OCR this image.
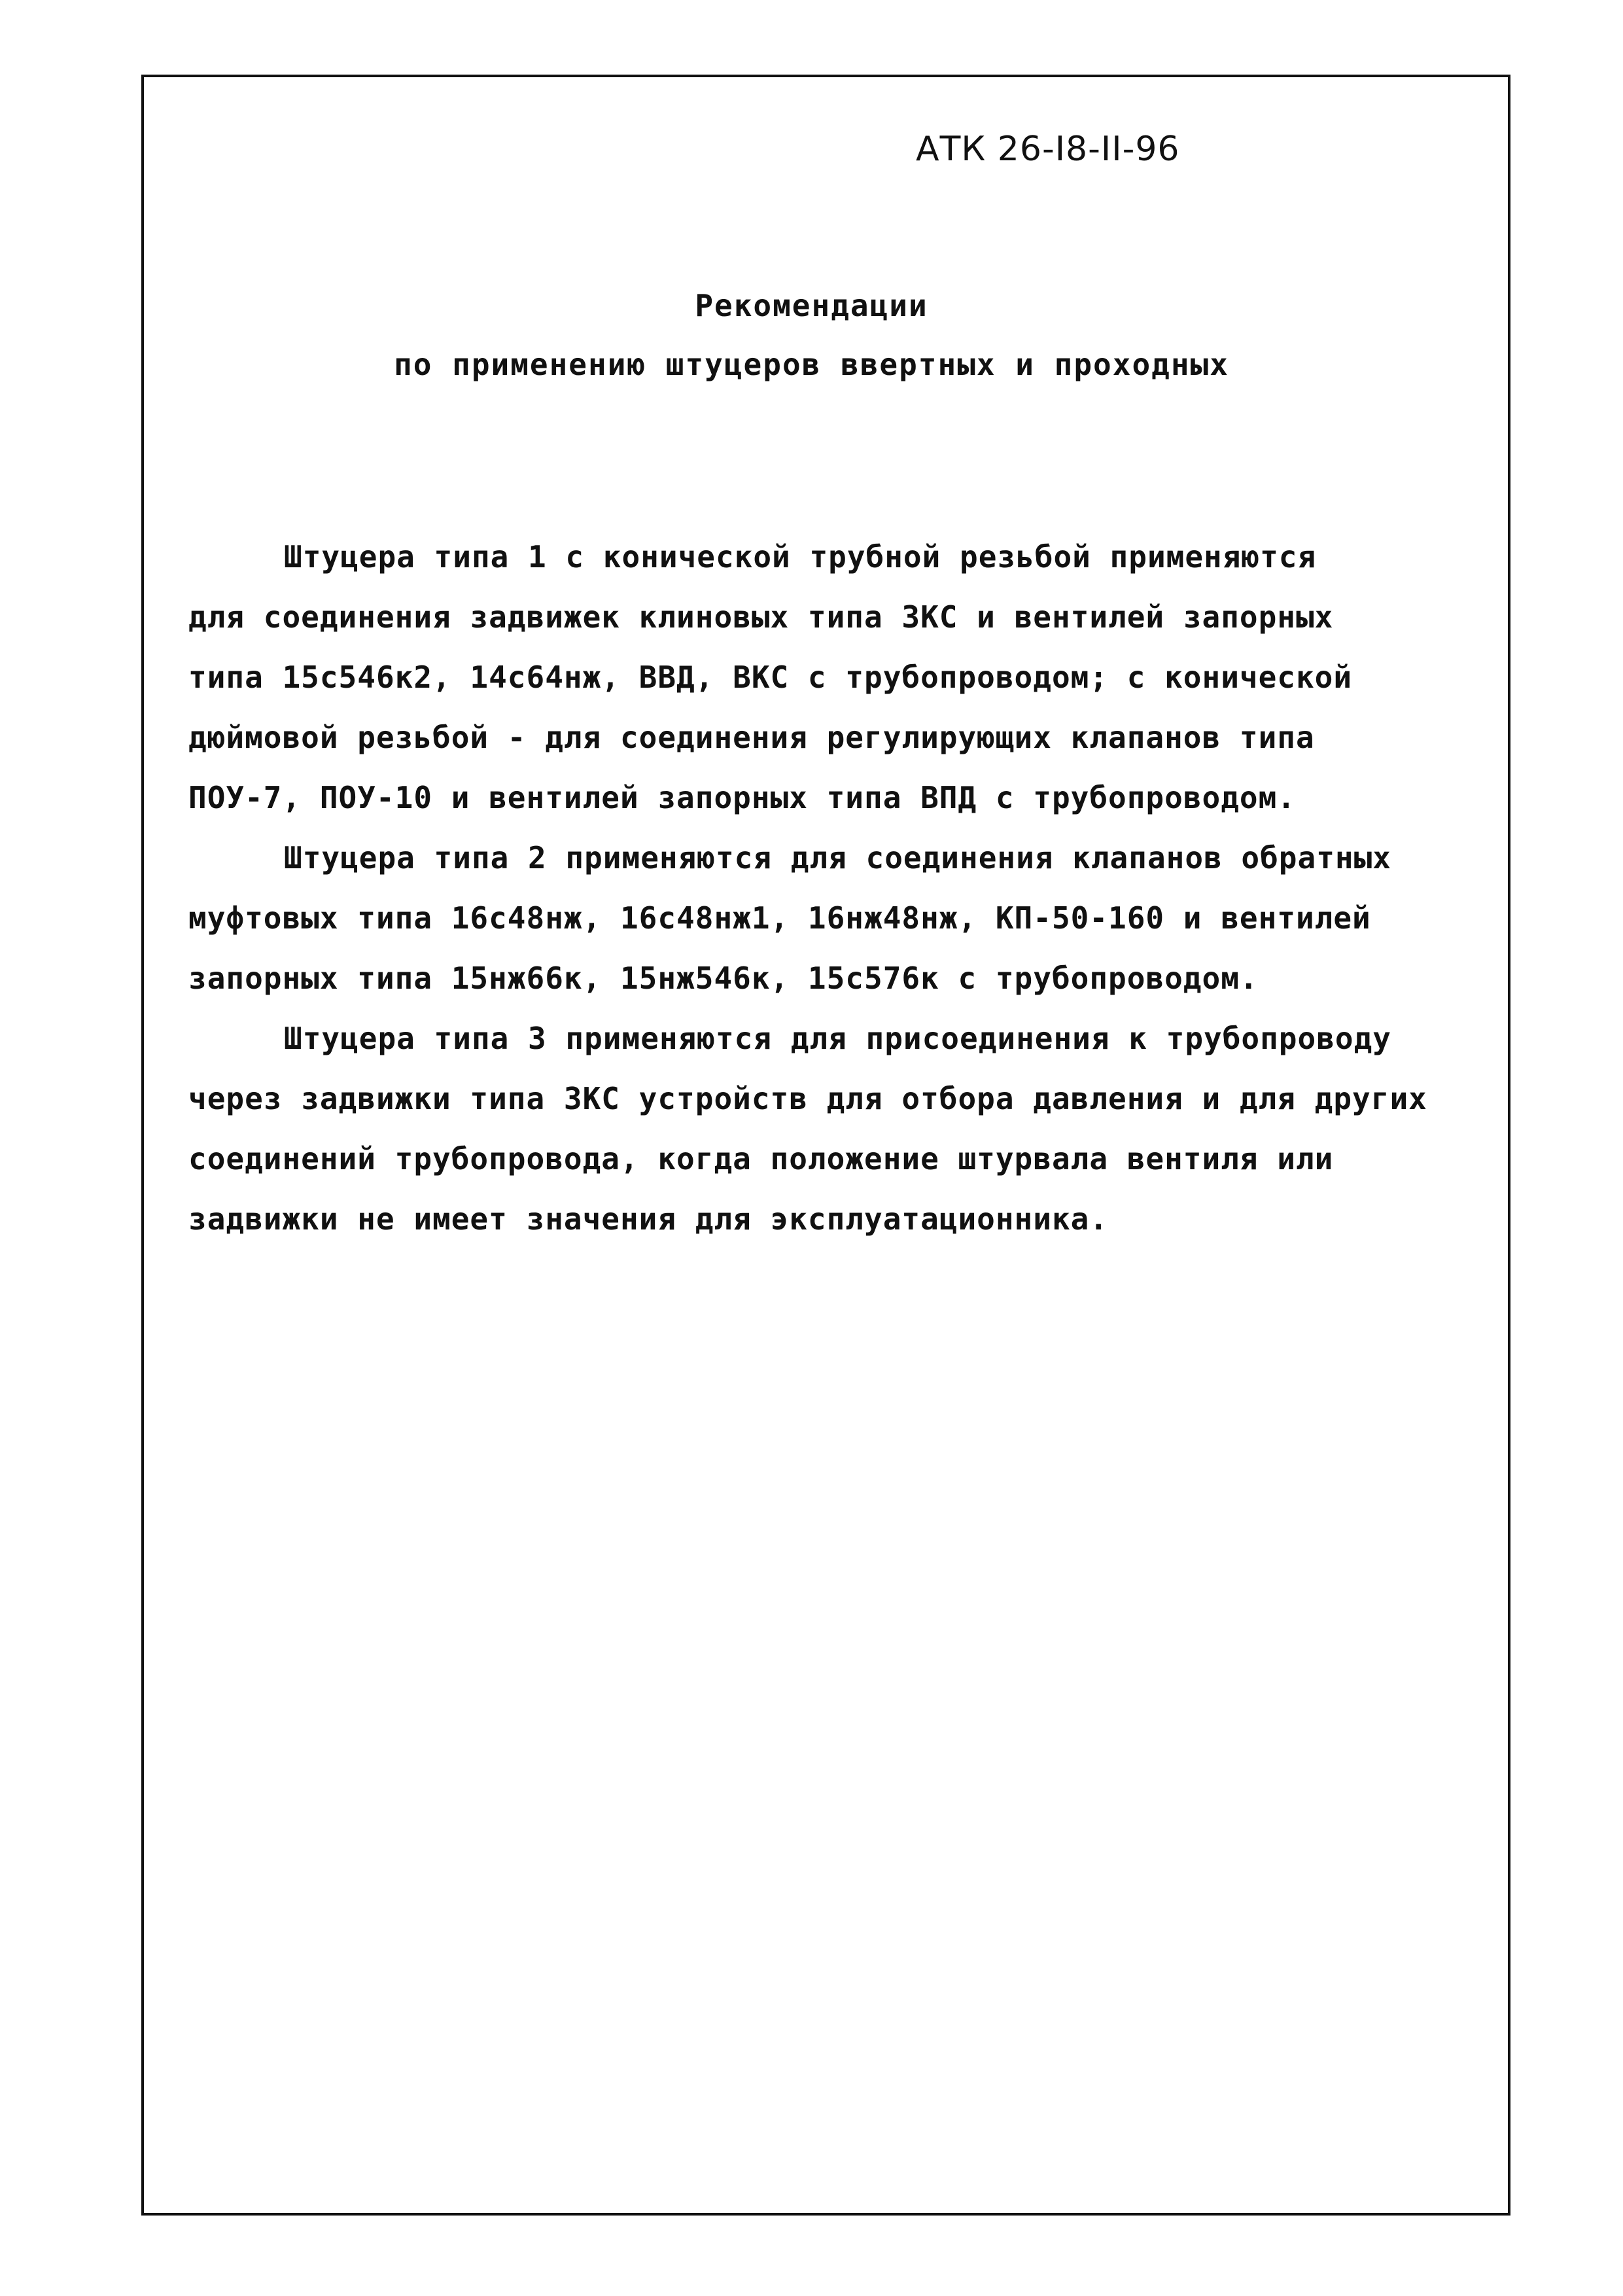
АТК 26-I8-II-96
Рекомендации
по применению штуцеров ввертных и проходных
Штуцера типа 1 с конической трубной резьбой применяются
для соединения задвижек клиновых типа ЗКС и вентилей запорных
типа 15с546к2, 14с64нж, ВВД, ВКС с трубопроводом; с конической
дюймовой резьбой - для соединения регулирующих клапанов типа
ПОУ-7, ПОУ-10 и вентилей запорных типа ВПД с трубопроводом.
Штуцера типа 2 применяются для соединения клапанов обратных
муфтовых типа 16с48нж, 16с48нж1, 16нж48нж, КП-50-160 и вентилей
запорных типа 15нж66к, 15нж546к, 15с576к с трубопроводом.
Штуцера типа 3 применяются для присоединения к трубопроводу
через задвижки типа ЗКС устройств для отбора давления и для других
соединений трубопровода, когда положение штурвала вентиля или
задвижки не имеет значения для эксплуатационника.
